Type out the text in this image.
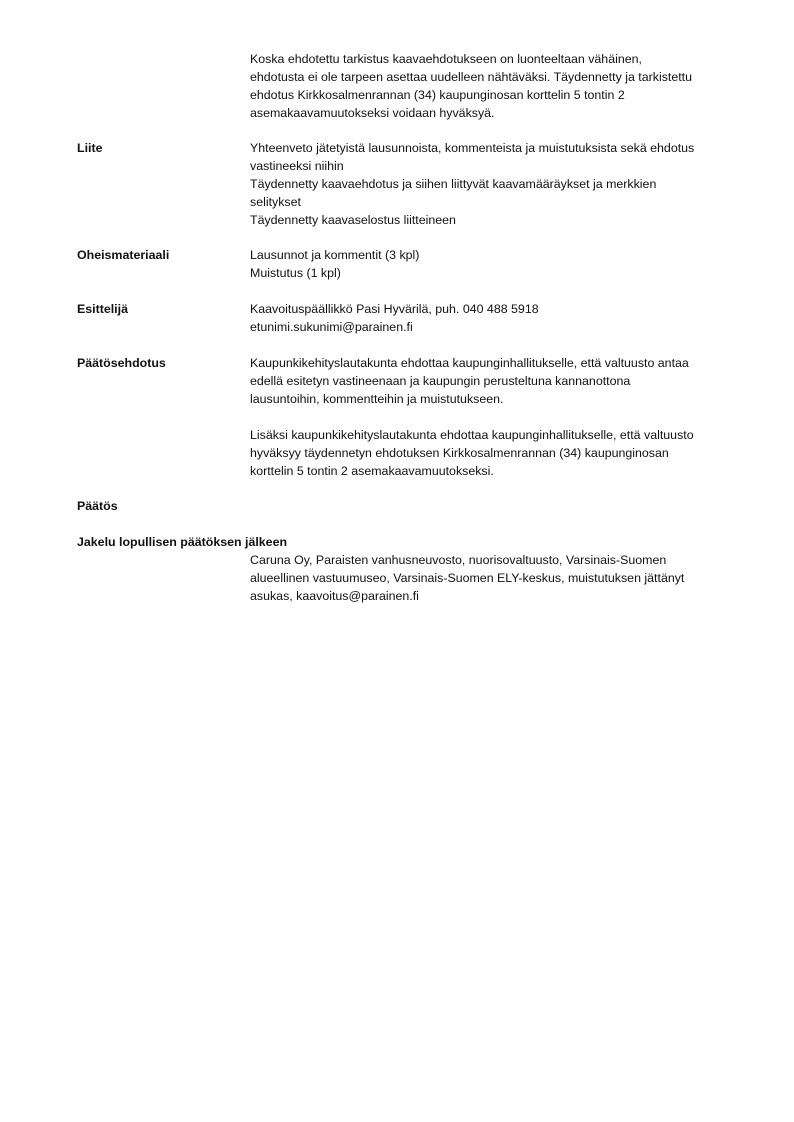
Koska ehdotettu tarkistus kaavaehdotukseen on luonteeltaan vähäinen,
ehdotusta ei ole tarpeen asettaa uudelleen nähtäväksi. Täydennetty ja tarkistettu
ehdotus Kirkkosalmenrannan (34) kaupunginosan korttelin 5 tontin 2
asemakaavamuutokseksi voidaan hyväksyä.
Liite	Yhteenveto jätetyistä lausunnoista, kommenteista ja muistutuksista sekä ehdotus
vastineeksi niihin
Täydennetty kaavaehdotus ja siihen liittyvät kaavamääräykset ja merkkien
selitykset
Täydennetty kaavaselostus liitteineen
Oheismateriaali	Lausunnot ja kommentit (3 kpl)
Muistutus (1 kpl)
Esittelijä	Kaavoituspäällikkö Pasi Hyvärilä, puh. 040 488 5918
etunimi.sukunimi@parainen.fi
Päätösehdotus	Kaupunkikehityslautakunta ehdottaa kaupunginhallitukselle, että valtuusto antaa
edellä esitetyn vastineenaan ja kaupungin perusteltuna kannanottona
lausuntoihin, kommentteihin ja muistutukseen.
Lisäksi kaupunkikehityslautakunta ehdottaa kaupunginhallitukselle, että valtuusto
hyväksyy täydennetyn ehdotuksen Kirkkosalmenrannan (34) kaupunginosan
korttelin 5 tontin 2 asemakaavamuutokseksi.
Päätös
Jakelu lopullisen päätöksen jälkeen
Caruna Oy, Paraisten vanhusneuvosto, nuorisovaltuusto, Varsinais-Suomen
alueellinen vastuumuseo, Varsinais-Suomen ELY-keskus, muistutuksen jättänyt
asukas, kaavoitus@parainen.fi
